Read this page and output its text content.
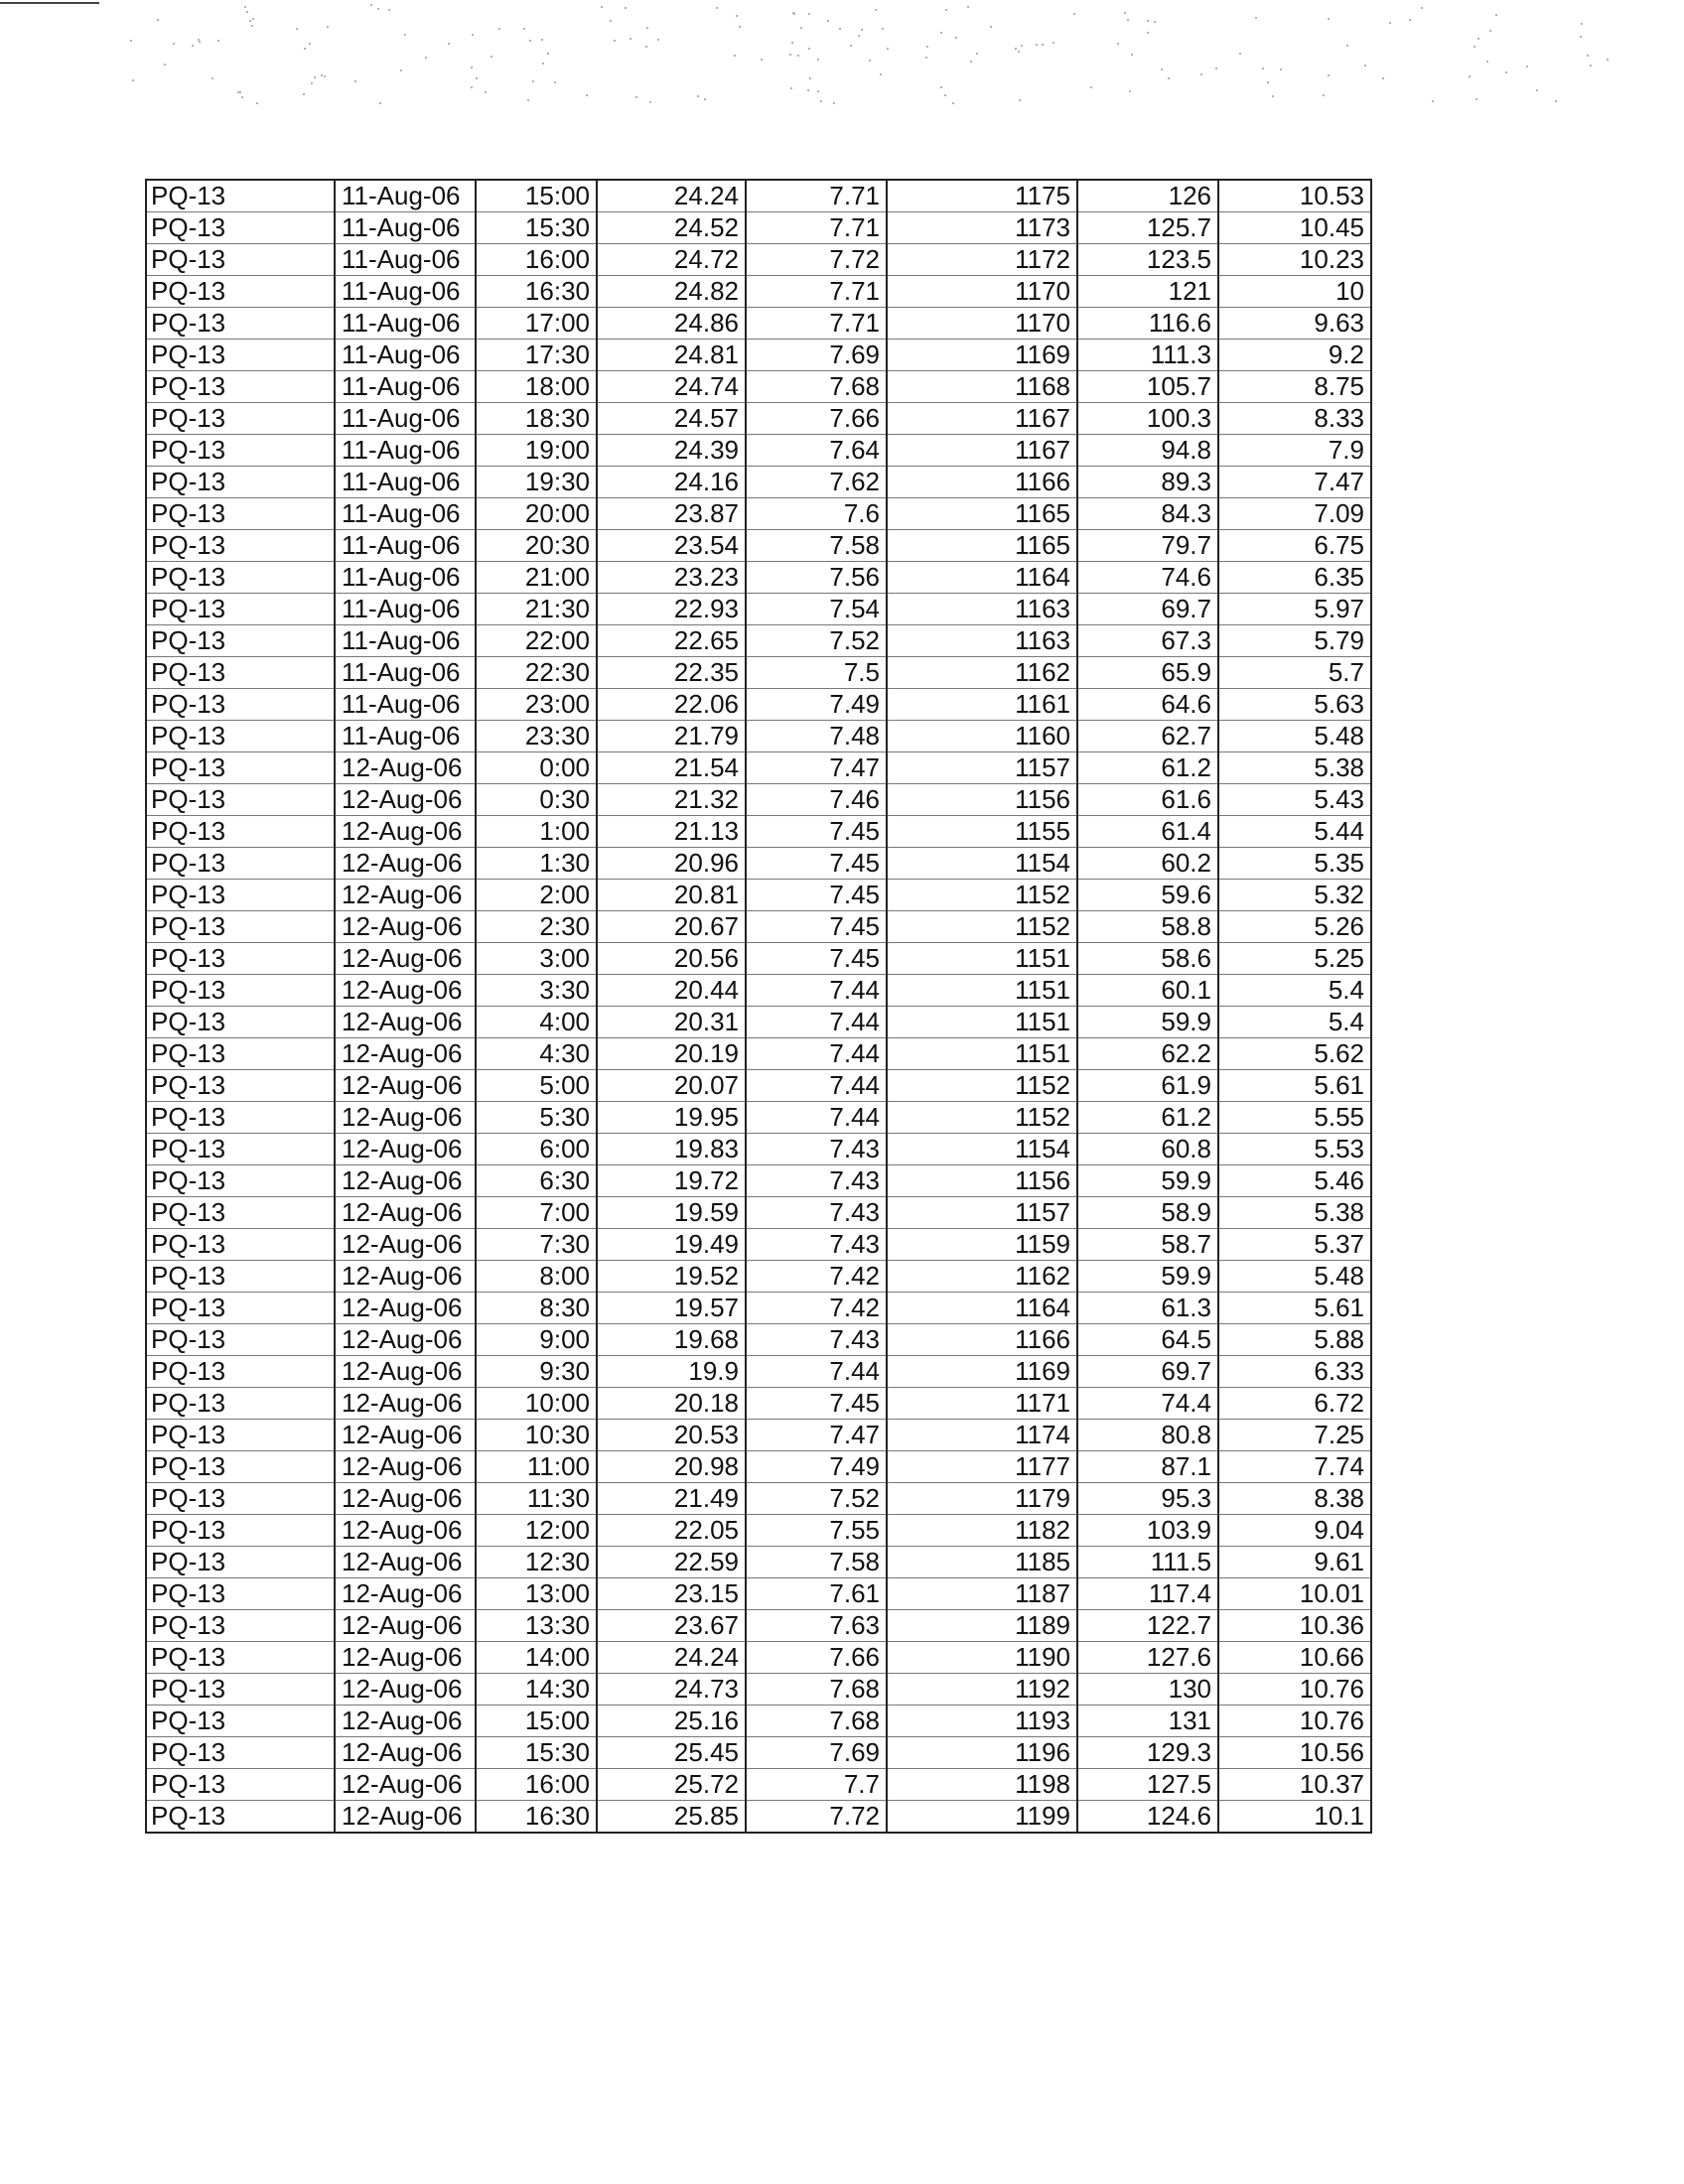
PQ-13	11-Aug-06	15:00	24.24	7.71	1175	126	10.53
PQ-13	11-Aug-06	15:30	24.52	7.71	1173	125.7	10.45
PQ-13	11-Aug-06	16:00	24.72	7.72	1172	123.5	10.23
PQ-13	11-Aug-06	16:30	24.82	7.71	1170	121	10
PQ-13	11-Aug-06	17:00	24.86	7.71	1170	116.6	9.63
PQ-13	11-Aug-06	17:30	24.81	7.69	1169	111.3	9.2
PQ-13	11-Aug-06	18:00	24.74	7.68	1168	105.7	8.75
PQ-13	11-Aug-06	18:30	24.57	7.66	1167	100.3	8.33
PQ-13	11-Aug-06	19:00	24.39	7.64	1167	94.8	7.9
PQ-13	11-Aug-06	19:30	24.16	7.62	1166	89.3	7.47
PQ-13	11-Aug-06	20:00	23.87	7.6	1165	84.3	7.09
PQ-13	11-Aug-06	20:30	23.54	7.58	1165	79.7	6.75
PQ-13	11-Aug-06	21:00	23.23	7.56	1164	74.6	6.35
PQ-13	11-Aug-06	21:30	22.93	7.54	1163	69.7	5.97
PQ-13	11-Aug-06	22:00	22.65	7.52	1163	67.3	5.79
PQ-13	11-Aug-06	22:30	22.35	7.5	1162	65.9	5.7
PQ-13	11-Aug-06	23:00	22.06	7.49	1161	64.6	5.63
PQ-13	11-Aug-06	23:30	21.79	7.48	1160	62.7	5.48
PQ-13	12-Aug-06	0:00	21.54	7.47	1157	61.2	5.38
PQ-13	12-Aug-06	0:30	21.32	7.46	1156	61.6	5.43
PQ-13	12-Aug-06	1:00	21.13	7.45	1155	61.4	5.44
PQ-13	12-Aug-06	1:30	20.96	7.45	1154	60.2	5.35
PQ-13	12-Aug-06	2:00	20.81	7.45	1152	59.6	5.32
PQ-13	12-Aug-06	2:30	20.67	7.45	1152	58.8	5.26
PQ-13	12-Aug-06	3:00	20.56	7.45	1151	58.6	5.25
PQ-13	12-Aug-06	3:30	20.44	7.44	1151	60.1	5.4
PQ-13	12-Aug-06	4:00	20.31	7.44	1151	59.9	5.4
PQ-13	12-Aug-06	4:30	20.19	7.44	1151	62.2	5.62
PQ-13	12-Aug-06	5:00	20.07	7.44	1152	61.9	5.61
PQ-13	12-Aug-06	5:30	19.95	7.44	1152	61.2	5.55
PQ-13	12-Aug-06	6:00	19.83	7.43	1154	60.8	5.53
PQ-13	12-Aug-06	6:30	19.72	7.43	1156	59.9	5.46
PQ-13	12-Aug-06	7:00	19.59	7.43	1157	58.9	5.38
PQ-13	12-Aug-06	7:30	19.49	7.43	1159	58.7	5.37
PQ-13	12-Aug-06	8:00	19.52	7.42	1162	59.9	5.48
PQ-13	12-Aug-06	8:30	19.57	7.42	1164	61.3	5.61
PQ-13	12-Aug-06	9:00	19.68	7.43	1166	64.5	5.88
PQ-13	12-Aug-06	9:30	19.9	7.44	1169	69.7	6.33
PQ-13	12-Aug-06	10:00	20.18	7.45	1171	74.4	6.72
PQ-13	12-Aug-06	10:30	20.53	7.47	1174	80.8	7.25
PQ-13	12-Aug-06	11:00	20.98	7.49	1177	87.1	7.74
PQ-13	12-Aug-06	11:30	21.49	7.52	1179	95.3	8.38
PQ-13	12-Aug-06	12:00	22.05	7.55	1182	103.9	9.04
PQ-13	12-Aug-06	12:30	22.59	7.58	1185	111.5	9.61
PQ-13	12-Aug-06	13:00	23.15	7.61	1187	117.4	10.01
PQ-13	12-Aug-06	13:30	23.67	7.63	1189	122.7	10.36
PQ-13	12-Aug-06	14:00	24.24	7.66	1190	127.6	10.66
PQ-13	12-Aug-06	14:30	24.73	7.68	1192	130	10.76
PQ-13	12-Aug-06	15:00	25.16	7.68	1193	131	10.76
PQ-13	12-Aug-06	15:30	25.45	7.69	1196	129.3	10.56
PQ-13	12-Aug-06	16:00	25.72	7.7	1198	127.5	10.37
PQ-13	12-Aug-06	16:30	25.85	7.72	1199	124.6	10.1
